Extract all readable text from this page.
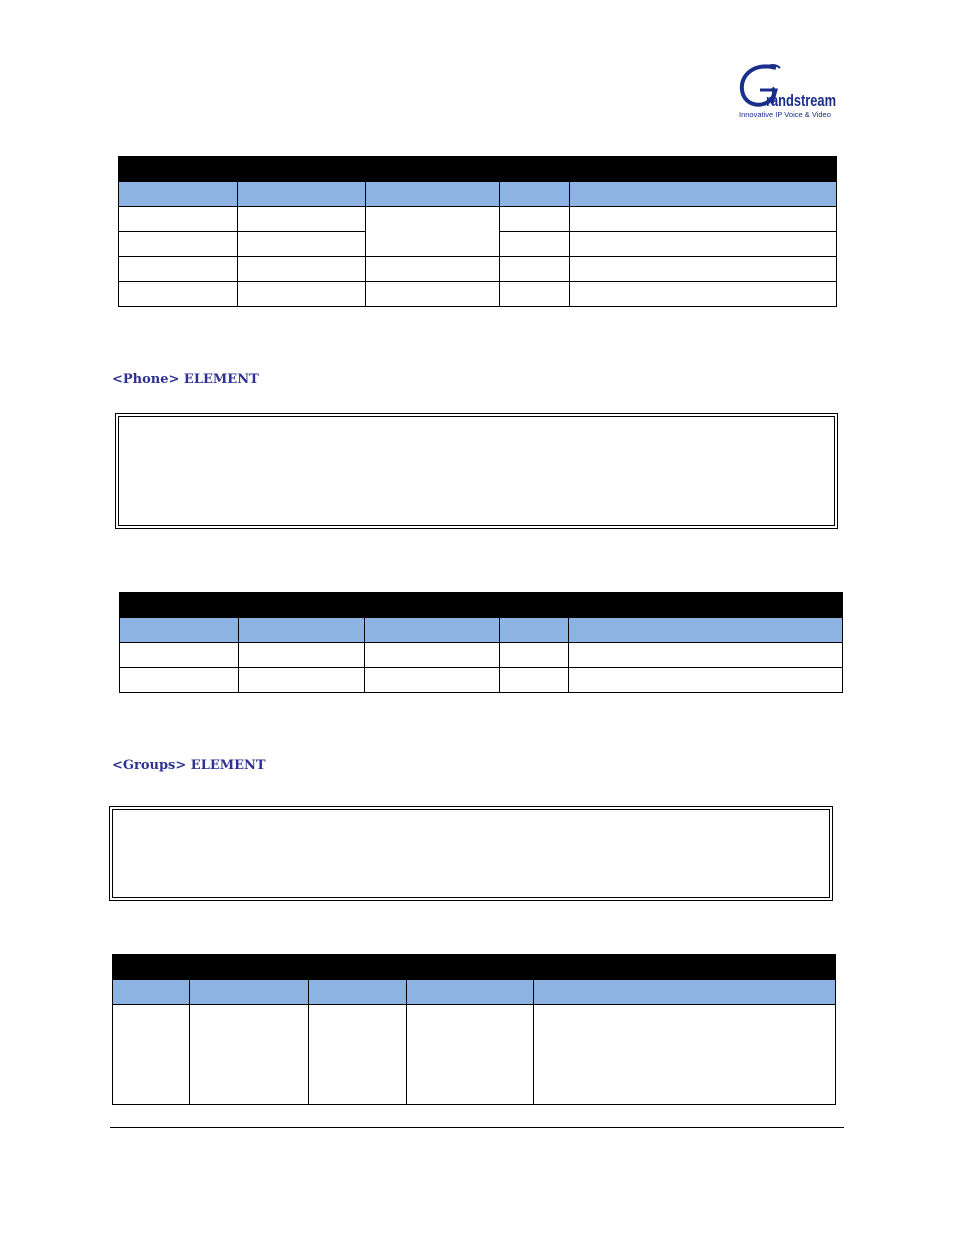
randstream
Innovative IP Voice & Video

<Phone> ELEMENT

<Groups> ELEMENT
